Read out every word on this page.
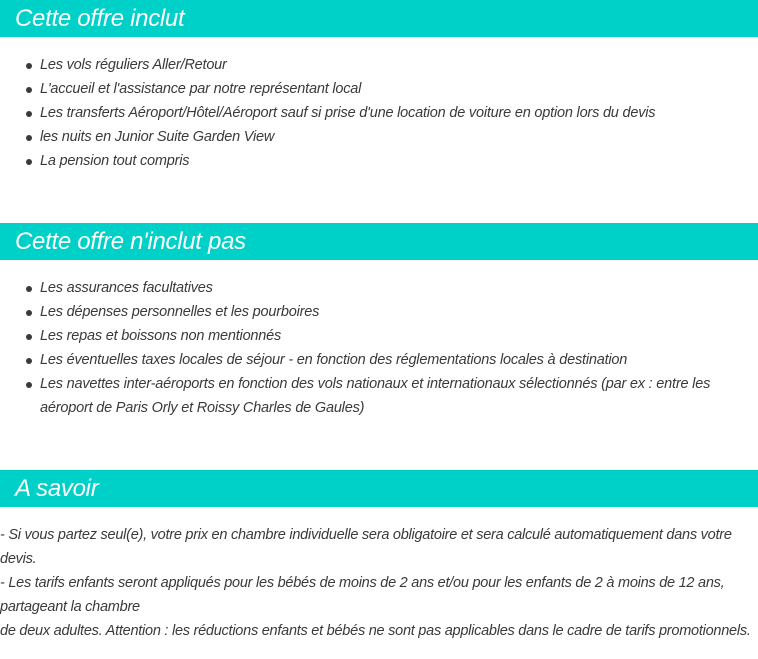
Cette offre inclut
Les vols réguliers Aller/Retour
L'accueil et l'assistance par notre représentant local
Les transferts Aéroport/Hôtel/Aéroport sauf si prise d'une location de voiture en option lors du devis
les nuits en Junior Suite Garden View
La pension tout compris
Cette offre n'inclut pas
Les assurances facultatives
Les dépenses personnelles et les pourboires
Les repas et boissons non mentionnés
Les éventuelles taxes locales de séjour - en fonction des réglementations locales à destination
Les navettes inter-aéroports en fonction des vols nationaux et internationaux sélectionnés (par ex : entre les aéroport de Paris Orly et Roissy Charles de Gaules)
A savoir

- Si vous partez seul(e), votre prix en chambre individuelle sera obligatoire et sera calculé automatiquement dans votre devis.

- Les tarifs enfants seront appliqués pour les bébés de moins de 2 ans et/ou pour les enfants de 2 à moins de 12 ans, partageant la chambre

de deux adultes. Attention : les réductions enfants et bébés ne sont pas applicables dans le cadre de tarifs promotionnels.
